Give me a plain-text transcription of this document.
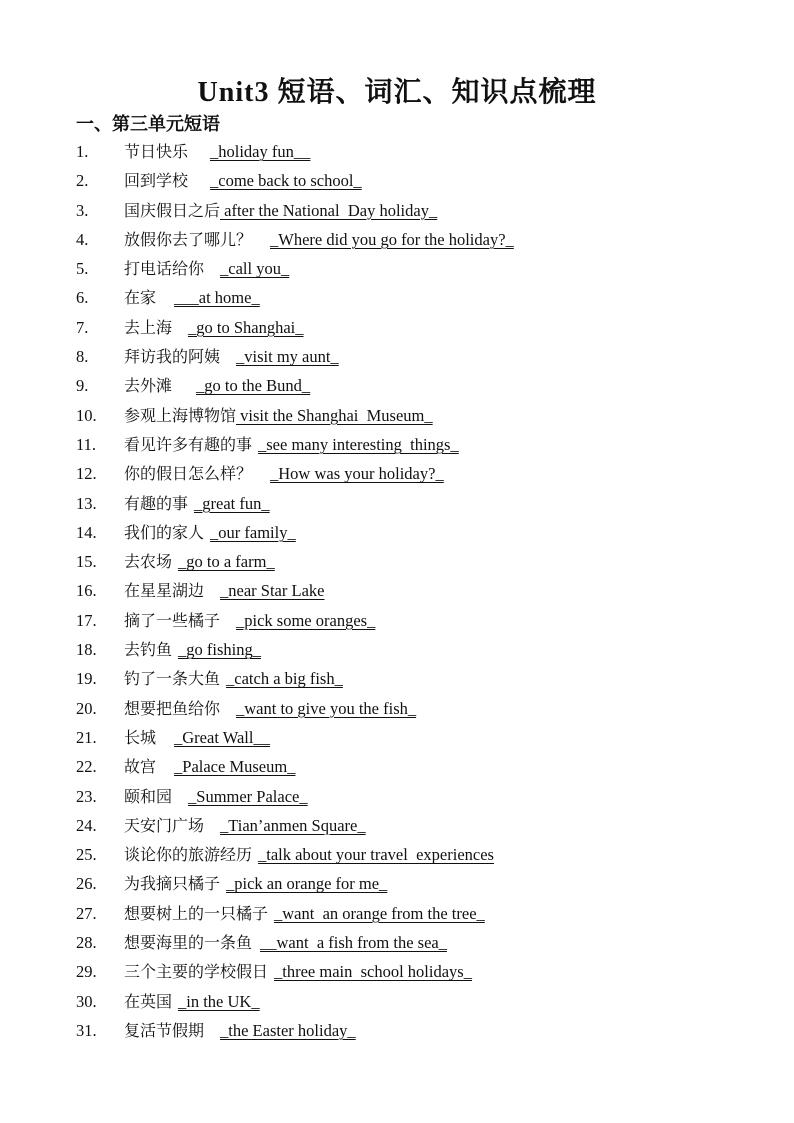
Unit3 短语、词汇、知识点梳理
一、第三单元短语
1. 节日快乐 _holiday fun__
2. 回到学校 _come back to school_
3. 国庆假日之后 after the National  Day holiday_
4. 放假你去了哪儿？ _Where did you go for the holiday?_
5. 打电话给你 _call you_
6. 在家 ___at home_
7. 去上海 _go to Shanghai_
8. 拜访我的阿姨 _visit my aunt_
9. 去外滩 _go to the Bund_
10. 参观上海博物馆 visit the Shanghai  Museum_
11. 看见许多有趣的事 _see many interesting  things_
12. 你的假日怎么样？ _How was your holiday?_
13. 有趣的事 _great fun_
14. 我们的家人 _our family_
15. 去农场 _go to a farm_
16. 在星星湖边 _near Star Lake
17. 摘了一些橘子 _pick some oranges_
18. 去钓鱼 _go fishing_
19. 钓了一条大鱼 _catch a big fish_
20. 想要把鱼给你 _want to give you the fish_
21. 长城 _Great Wall__
22. 故宫 _Palace Museum_
23. 颐和园 _Summer Palace_
24. 天安门广场 _Tian’anmen Square_
25. 谈论你的旅游经历 _talk about your travel  experiences
26. 为我摘只橘子 _pick an orange for me_
27. 想要树上的一只橘子 _want  an orange from the tree_
28. 想要海里的一条鱼 __want  a fish from the sea_
29. 三个主要的学校假日 _three main  school holidays_
30. 在英国 _in the UK_
31. 复活节假期 _the Easter holiday_
